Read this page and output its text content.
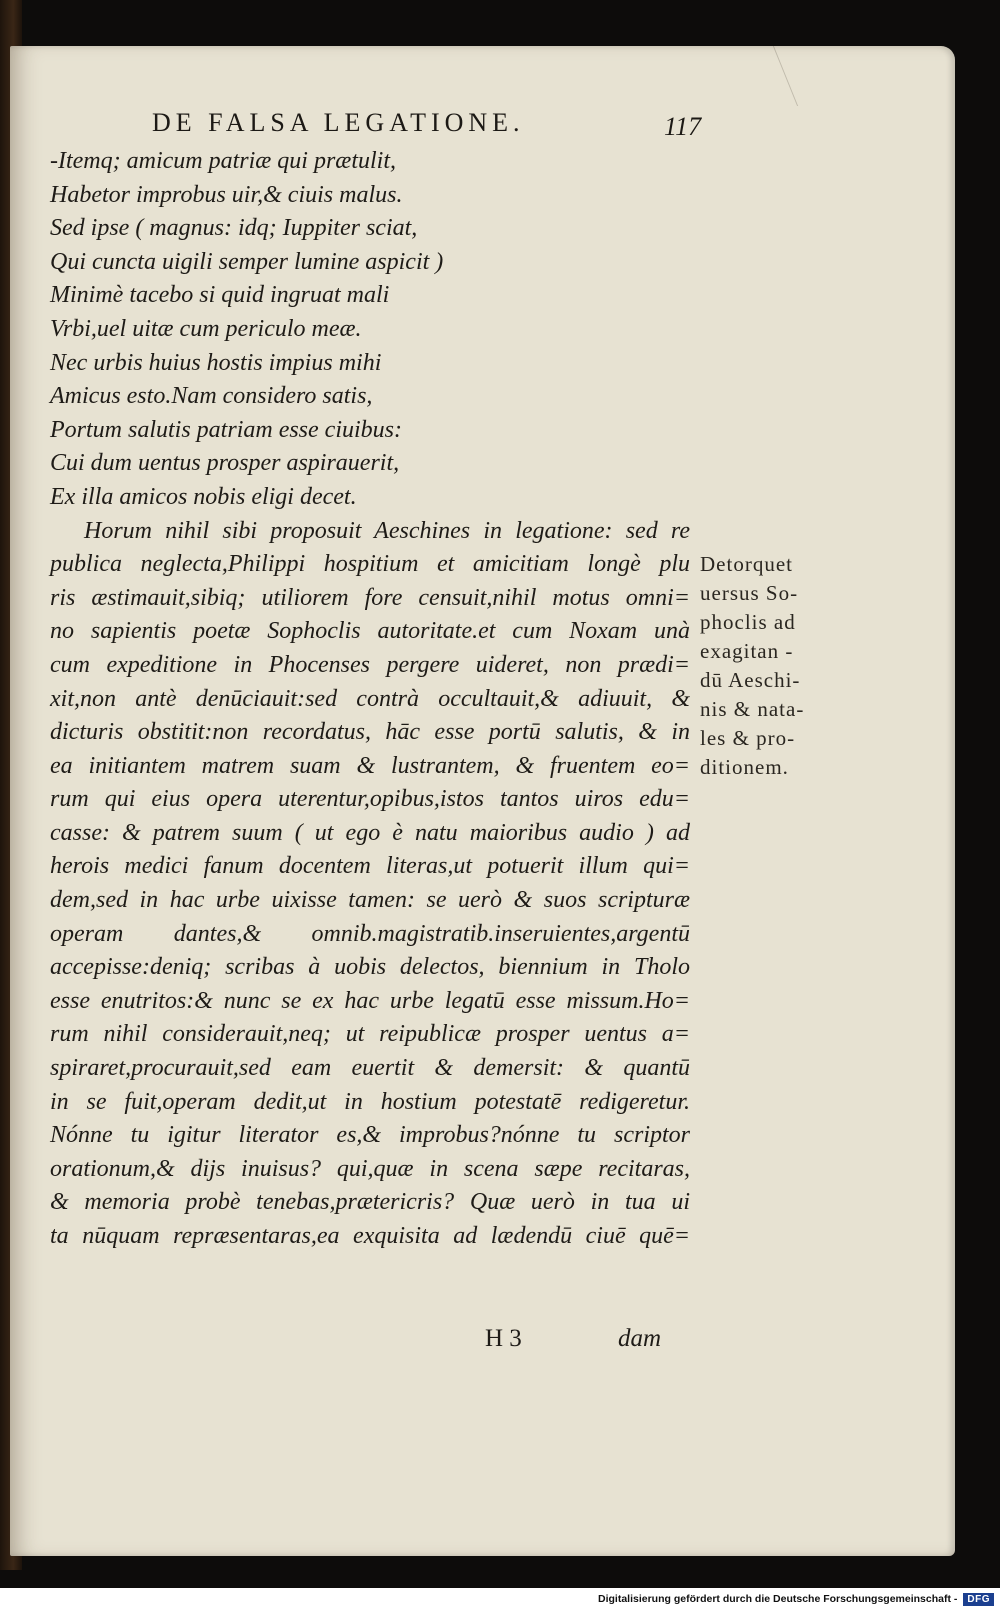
DE FALSA LEGATIONE.	117
-Itemq; amicum patriæ qui prætulit,
Habetor improbus uir,& ciuis malus.
Sed ipse ( magnus: idq; Iuppiter sciat,
Qui cuncta uigili semper lumine aspicit )
Minimè tacebo si quid ingruat mali
Vrbi,uel uitæ cum periculo meæ.
Nec urbis huius hostis impius mihi
Amicus esto.Nam considero satis,
Portum salutis patriam esse ciuibus:
Cui dum uentus prosper aspirauerit,
Ex illa amicos nobis eligi decet.
Horum nihil sibi proposuit Aeschines in legatione: sed re
publica neglecta,Philippi hospitium et amicitiam longè plu
ris æstimauit,sibiq; utiliorem fore censuit,nihil motus omni=
no sapientis poetæ Sophoclis autoritate.et cum Noxam unà
cum expeditione in Phocenses pergere uideret, non prædi=
xit,non antè denūciauit:sed contrà occultauit,& adiuuit, &
dicturis obstitit:non recordatus, hāc esse portū salutis, & in
ea initiantem matrem suam & lustrantem, & fruentem eo=
rum qui eius opera uterentur,opibus,istos tantos uiros edu=
casse: & patrem suum ( ut ego è natu maioribus audio ) ad
herois medici fanum docentem literas,ut potuerit illum qui=
dem,sed in hac urbe uixisse tamen: se uerò & suos scripturæ
operam dantes,& omnib.magistratib.inseruientes,argentū
accepisse:deniq; scribas à uobis delectos, biennium in Tholo
esse enutritos:& nunc se ex hac urbe legatū esse missum.Ho=
rum nihil considerauit,neq; ut reipublicæ prosper uentus a=
spiraret,procurauit,sed eam euertit & demersit: & quantū
in se fuit,operam dedit,ut in hostium potestatē redigeretur.
Nónne tu igitur literator es,& improbus?nónne tu scriptor
orationum,& dijs inuisus? qui,quæ in scena sæpe recitaras,
& memoria probè tenebas,prætericris? Quæ uerò in tua ui
ta nūquam repræsentaras,ea exquisita ad lædendū ciuē quē=
Detorquet
uersus So-
phoclis ad
exagitan -
dū Aeschi-
nis & nata-
les & pro-
ditionem.
H 3	dam
Digitalisierung gefördert durch die Deutsche Forschungsgemeinschaft -	DFG
